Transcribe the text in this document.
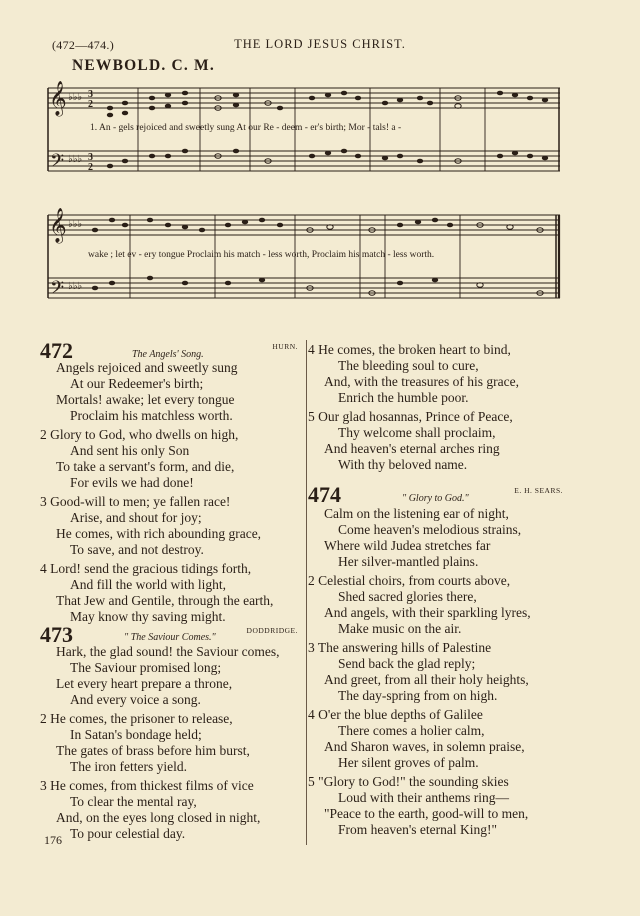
(472—474.)	THE LORD JESUS CHRIST.
NEWBOLD. C. M.
𝄞
𝄢
♭♭♭
♭♭♭
3
2
3
2
1. An - gels rejoiced and sweetly sung At our Re - deem - er's birth; Mor - tals! a -
𝄞
𝄢
♭♭♭
♭♭♭
wake ; let ev - ery tongue Proclaim his match - less worth, Proclaim his match - less worth.
472	The Angels' Song.
HURN.
Angels rejoiced and sweetly sung
At our Redeemer's birth;
Mortals! awake; let every tongue
Proclaim his matchless worth.
2 Glory to God, who dwells on high,
And sent his only Son
To take a servant's form, and die,
For evils we had done!
3 Good-will to men; ye fallen race!
Arise, and shout for joy;
He comes, with rich abounding grace,
To save, and not destroy.
4 Lord! send the gracious tidings forth,
And fill the world with light,
That Jew and Gentile, through the earth,
May know thy saving might.
473	" The Saviour Comes."
DODDRIDGE.
Hark, the glad sound! the Saviour comes,
The Saviour promised long;
Let every heart prepare a throne,
And every voice a song.
2 He comes, the prisoner to release,
In Satan's bondage held;
The gates of brass before him burst,
The iron fetters yield.
3 He comes, from thickest films of vice
To clear the mental ray,
And, on the eyes long closed in night,
To pour celestial day.
4 He comes, the broken heart to bind,
The bleeding soul to cure,
And, with the treasures of his grace,
Enrich the humble poor.
5 Our glad hosannas, Prince of Peace,
Thy welcome shall proclaim,
And heaven's eternal arches ring
With thy beloved name.
474	" Glory to God."
E. H. SEARS.
Calm on the listening ear of night,
Come heaven's melodious strains,
Where wild Judea stretches far
Her silver-mantled plains.
2 Celestial choirs, from courts above,
Shed sacred glories there,
And angels, with their sparkling lyres,
Make music on the air.
3 The answering hills of Palestine
Send back the glad reply;
And greet, from all their holy heights,
The day-spring from on high.
4 O'er the blue depths of Galilee
There comes a holier calm,
And Sharon waves, in solemn praise,
Her silent groves of palm.
5 "Glory to God!" the sounding skies
Loud with their anthems ring—
"Peace to the earth, good-will to men,
From heaven's eternal King!"
176
